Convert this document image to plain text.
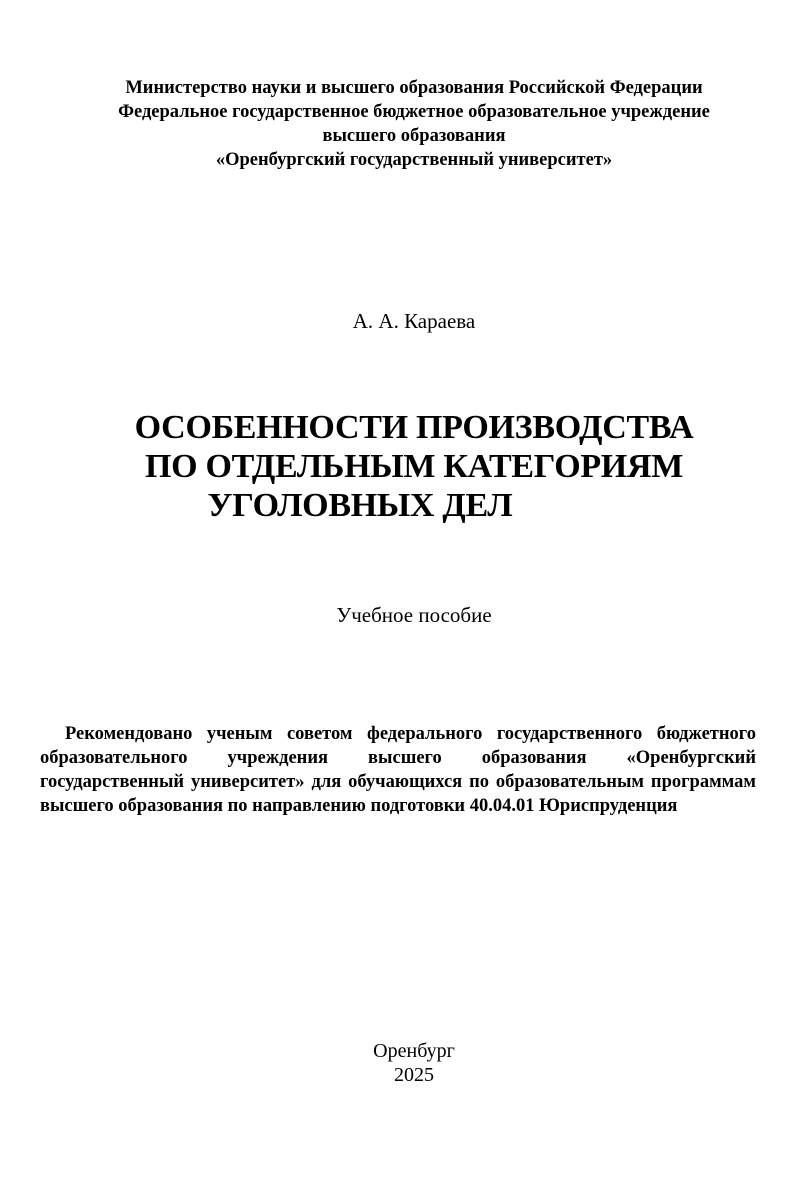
Министерство науки и высшего образования Российской Федерации
Федеральное государственное бюджетное образовательное учреждение
высшего образования
«Оренбургский государственный университет»
А. А. Караева
ОСОБЕННОСТИ ПРОИЗВОДСТВА
ПО ОТДЕЛЬНЫМ КАТЕГОРИЯМ
УГОЛОВНЫХ ДЕЛ
Учебное пособие
Рекомендовано ученым советом федерального государственного бюджетного образовательного учреждения высшего образования «Оренбургский государственный университет» для обучающихся по образовательным программам высшего образования по направлению подготовки 40.04.01 Юриспруденция
Оренбург
2025
